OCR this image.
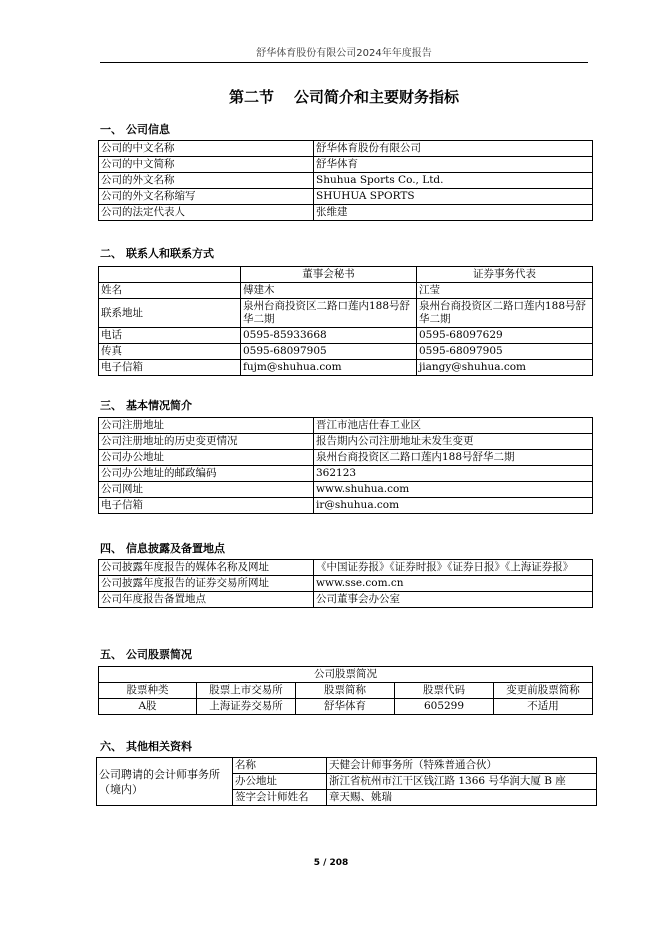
舒华体育股份有限公司2024年年度报告
第二节 公司简介和主要财务指标
一、 公司信息
公司的中文名称	舒华体育股份有限公司
公司的中文简称	舒华体育
公司的外文名称	Shuhua Sports Co., Ltd.
公司的外文名称缩写	SHUHUA SPORTS
公司的法定代表人	张维建
二、 联系人和联系方式
	董事会秘书	证券事务代表
姓名	傅建木	江莹
联系地址	泉州台商投资区二路口莲内188号舒华二期	泉州台商投资区二路口莲内188号舒华二期
电话	0595-85933668	0595-68097629
传真	0595-68097905	0595-68097905
电子信箱	fujm@shuhua.com	jiangy@shuhua.com
三、 基本情况简介
公司注册地址	晋江市池店仕春工业区
公司注册地址的历史变更情况	报告期内公司注册地址未发生变更
公司办公地址	泉州台商投资区二路口莲内188号舒华二期
公司办公地址的邮政编码	362123
公司网址	www.shuhua.com
电子信箱	ir@shuhua.com
四、 信息披露及备置地点
公司披露年度报告的媒体名称及网址	《中国证券报》《证券时报》《证券日报》《上海证券报》
公司披露年度报告的证券交易所网址	www.sse.com.cn
公司年度报告备置地点	公司董事会办公室
五、 公司股票简况
公司股票简况				
股票种类	股票上市交易所	股票简称	股票代码	变更前股票简称
A股	上海证券交易所	舒华体育	605299	不适用
六、 其他相关资料
公司聘请的会计师事务所（境内）	名称	天健会计师事务所（特殊普通合伙）
	办公地址	浙江省杭州市江干区钱江路 1366 号华润大厦 B 座
	签字会计师姓名	章天赐、姚瑞
5 / 208
